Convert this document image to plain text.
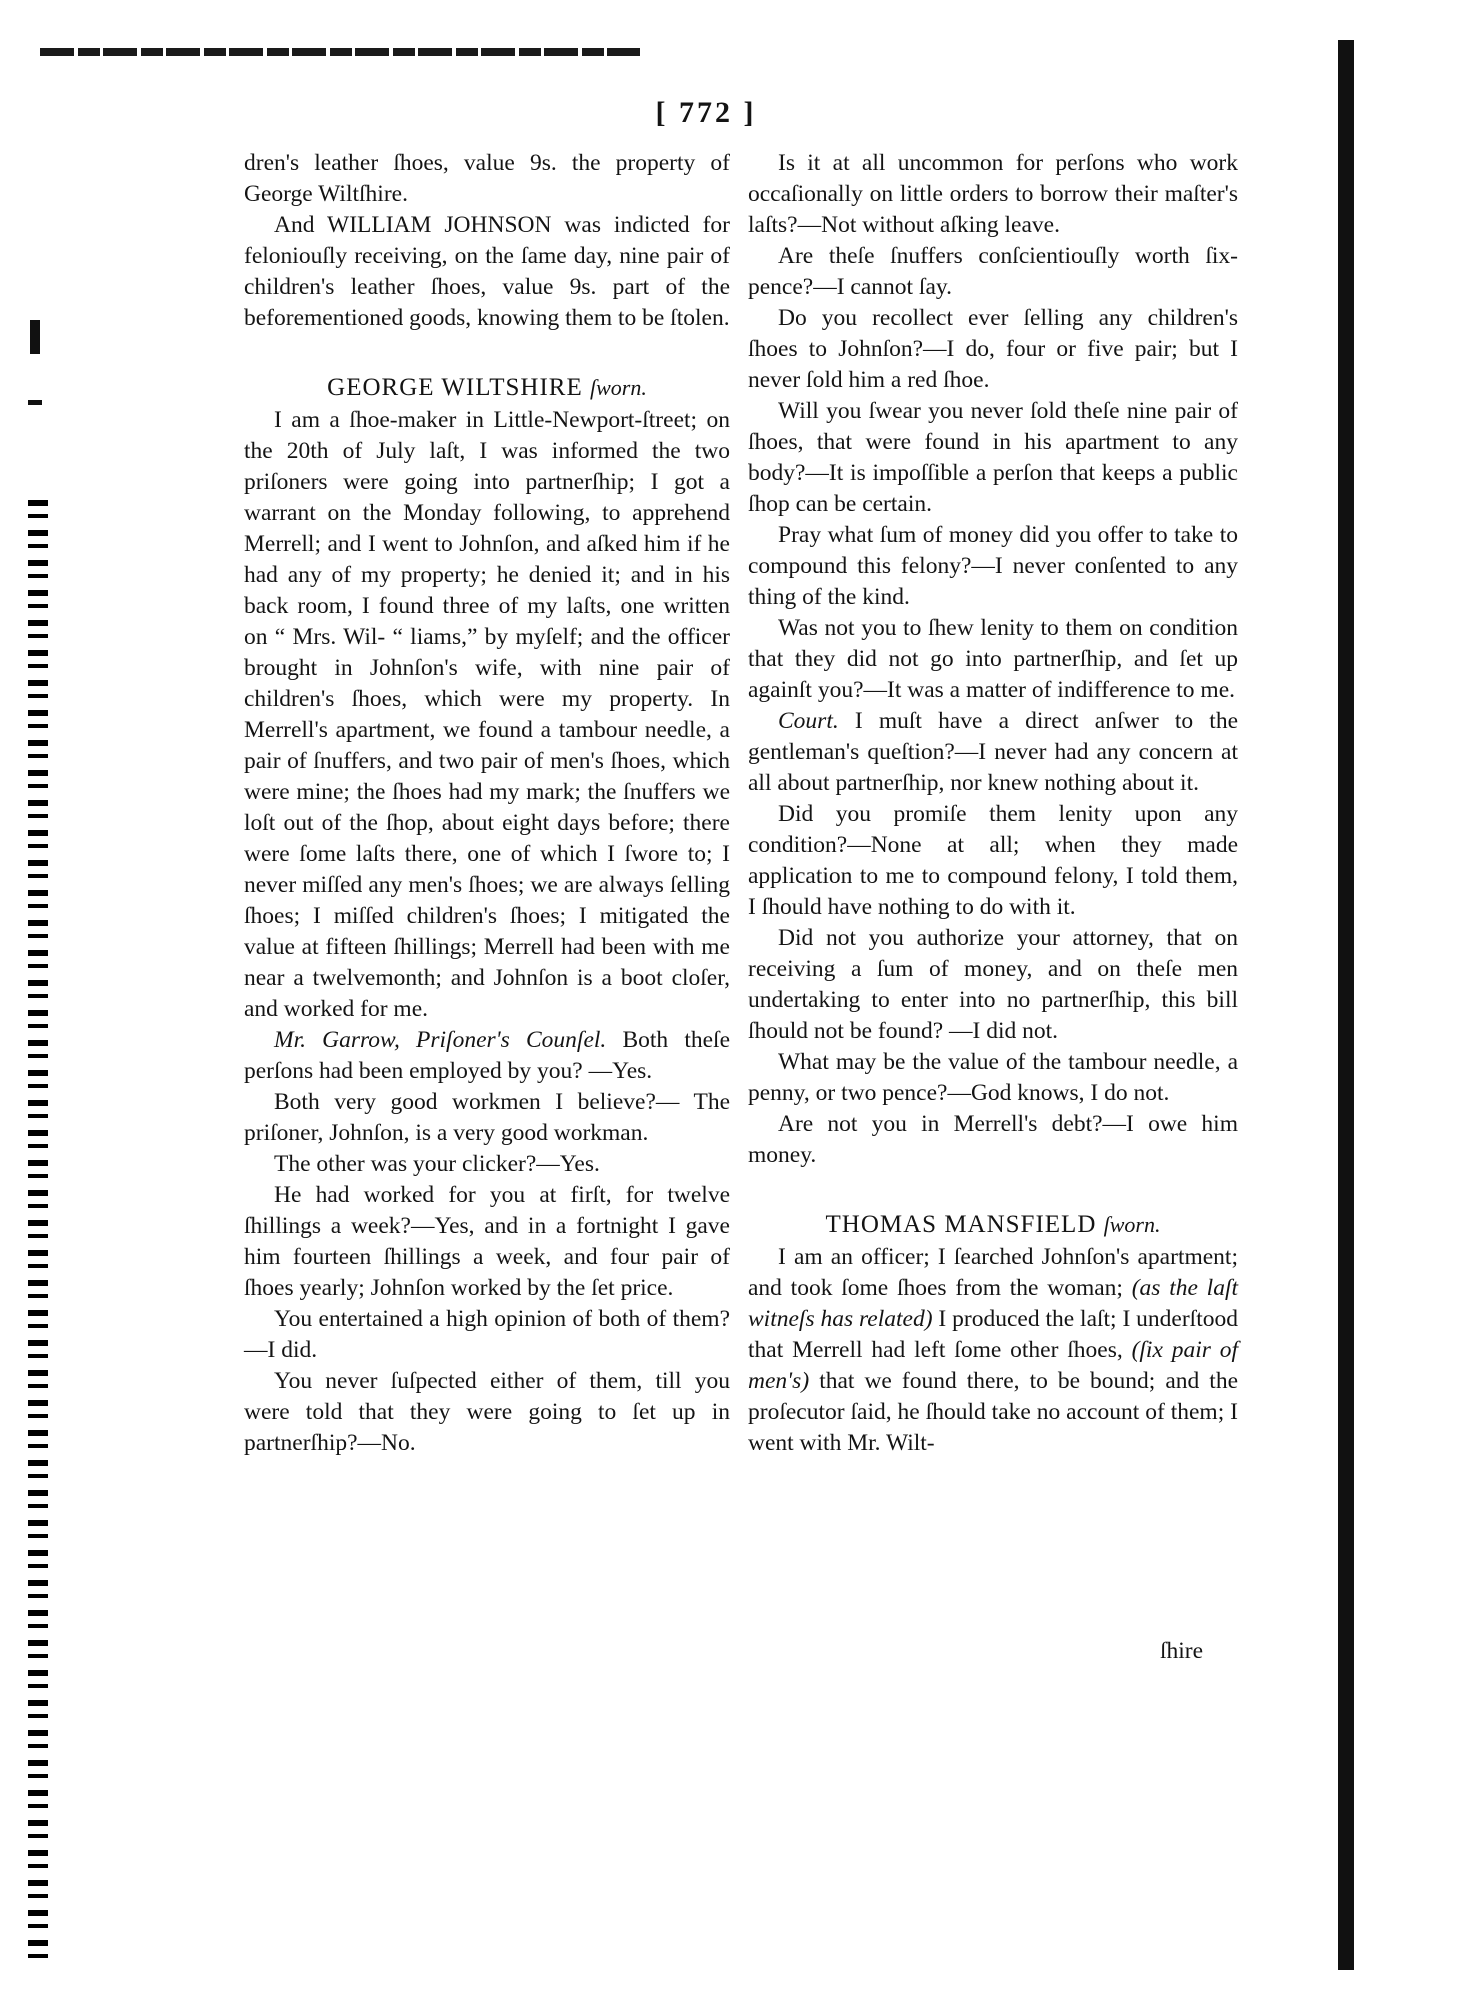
[ 772 ]

dren's leather ſhoes, value 9s. the property of George Wiltſhire.

And WILLIAM JOHNSON was indicted for feloniouſly receiving, on the ſame day, nine pair of children's leather ſhoes, value 9s. part of the beforementioned goods, knowing them to be ſtolen.

GEORGE WILTSHIRE ſworn.

I am a ſhoe-maker in Little-Newport-ſtreet; on the 20th of July laſt, I was informed the two priſoners were going into partnerſhip; I got a warrant on the Monday following, to apprehend Merrell; and I went to Johnſon, and aſked him if he had any of my property; he denied it; and in his back room, I found three of my laſts, one written on “ Mrs. Wil- “ liams,” by myſelf; and the officer brought in Johnſon's wife, with nine pair of children's ſhoes, which were my property. In Merrell's apartment, we found a tambour needle, a pair of ſnuffers, and two pair of men's ſhoes, which were mine; the ſhoes had my mark; the ſnuffers we loſt out of the ſhop, about eight days before; there were ſome laſts there, one of which I ſwore to; I never miſſed any men's ſhoes; we are always ſelling ſhoes; I miſſed children's ſhoes; I mitigated the value at fifteen ſhillings; Merrell had been with me near a twelvemonth; and Johnſon is a boot cloſer, and worked for me.

Mr. Garrow, Priſoner's Counſel. Both theſe perſons had been employed by you? —Yes.

Both very good workmen I believe?— The priſoner, Johnſon, is a very good workman.

The other was your clicker?—Yes.

He had worked for you at firſt, for twelve ſhillings a week?—Yes, and in a fortnight I gave him fourteen ſhillings a week, and four pair of ſhoes yearly; Johnſon worked by the ſet price.

You entertained a high opinion of both of them?—I did.

You never ſuſpected either of them, till you were told that they were going to ſet up in partnerſhip?—No.

Is it at all uncommon for perſons who work occaſionally on little orders to borrow their maſter's laſts?—Not without aſking leave.

Are theſe ſnuffers conſcientiouſly worth ſix-pence?—I cannot ſay.

Do you recollect ever ſelling any children's ſhoes to Johnſon?—I do, four or five pair; but I never ſold him a red ſhoe.

Will you ſwear you never ſold theſe nine pair of ſhoes, that were found in his apartment to any body?—It is impoſſible a perſon that keeps a public ſhop can be certain.

Pray what ſum of money did you offer to take to compound this felony?—I never conſented to any thing of the kind.

Was not you to ſhew lenity to them on condition that they did not go into partnerſhip, and ſet up againſt you?—It was a matter of indifference to me.

Court. I muſt have a direct anſwer to the gentleman's queſtion?—I never had any concern at all about partnerſhip, nor knew nothing about it.

Did you promiſe them lenity upon any condition?—None at all; when they made application to me to compound felony, I told them, I ſhould have nothing to do with it.

Did not you authorize your attorney, that on receiving a ſum of money, and on theſe men undertaking to enter into no partnerſhip, this bill ſhould not be found? —I did not.

What may be the value of the tambour needle, a penny, or two pence?—God knows, I do not.

Are not you in Merrell's debt?—I owe him money.

THOMAS MANSFIELD ſworn.

I am an officer; I ſearched Johnſon's apartment; and took ſome ſhoes from the woman; (as the laſt witneſs has related) I produced the laſt; I underſtood that Merrell had left ſome other ſhoes, (ſix pair of men's) that we found there, to be bound; and the proſecutor ſaid, he ſhould take no account of them; I went with Mr. Wilt-

ſhire
